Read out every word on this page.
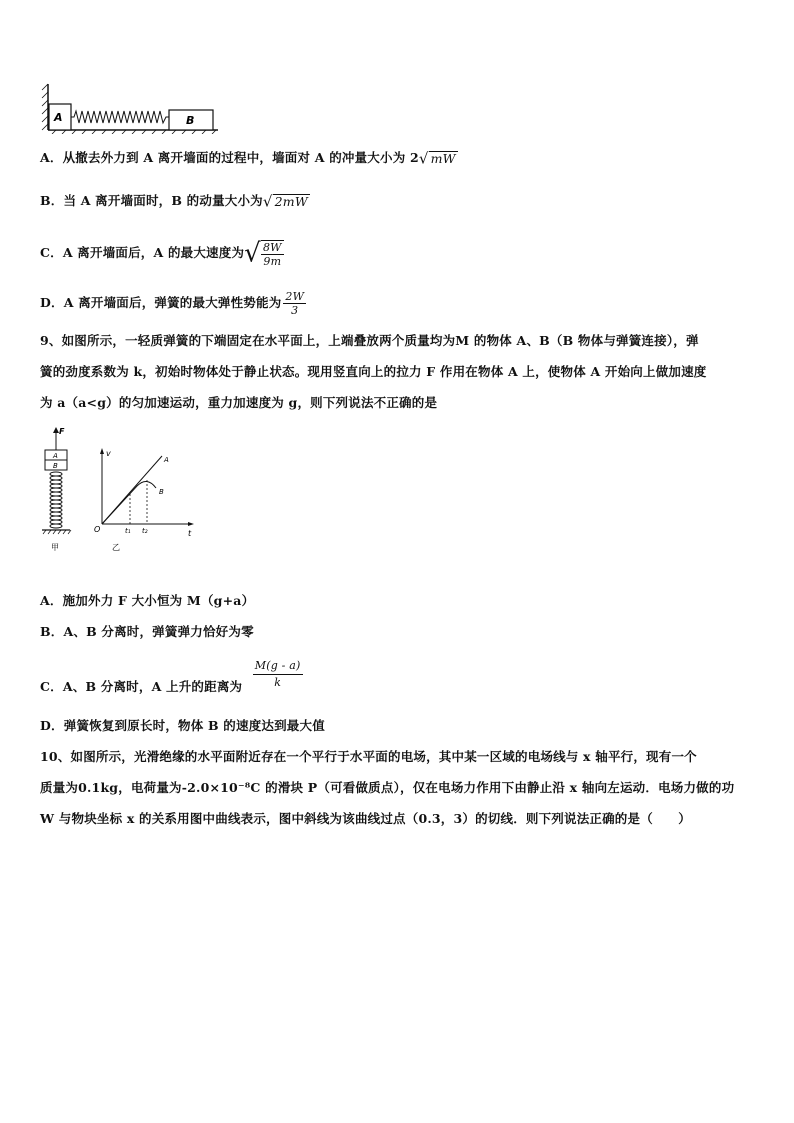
A	B
A．从撤去外力到 A 离开墙面的过程中，墙面对 A 的冲量大小为 2√ mW
B．当 A 离开墙面时，B 的动量大小为√ 2mW
C．A 离开墙面后，A 的最大速度为√ $\frac{8W}{9m}$
D．A 离开墙面后，弹簧的最大弹性势能为 $\frac{2W}{3}$
9、如图所示，一轻质弹簧的下端固定在水平面上，上端叠放两个质量均为M 的物体 A、B（B 物体与弹簧连接），弹
簧的劲度系数为 k，初始时物体处于静止状态。现用竖直向上的拉力 F 作用在物体 A 上，使物体 A 开始向上做加速度
为 a（a<g）的匀加速运动，重力加速度为 g，则下列说法不正确的是
F
A
B
甲
v
O	t
A
B
t₁ t₂
乙
A．施加外力 F 大小恒为 M（g+a）
B．A、B 分离时，弹簧弹力恰好为零
C．A、B 分离时，A 上升的距离为 $\frac{M(g - a)}{k}$
D．弹簧恢复到原长时，物体 B 的速度达到最大值
10、如图所示，光滑绝缘的水平面附近存在一个平行于水平面的电场，其中某一区域的电场线与 x 轴平行，现有一个
质量为0.1kg，电荷量为-2.0×10⁻⁸C 的滑块 P（可看做质点），仅在电场力作用下由静止沿 x 轴向左运动．电场力做的功
W 与物块坐标 x 的关系用图中曲线表示，图中斜线为该曲线过点（0.3，3）的切线．则下列说法正确的是（　　）
